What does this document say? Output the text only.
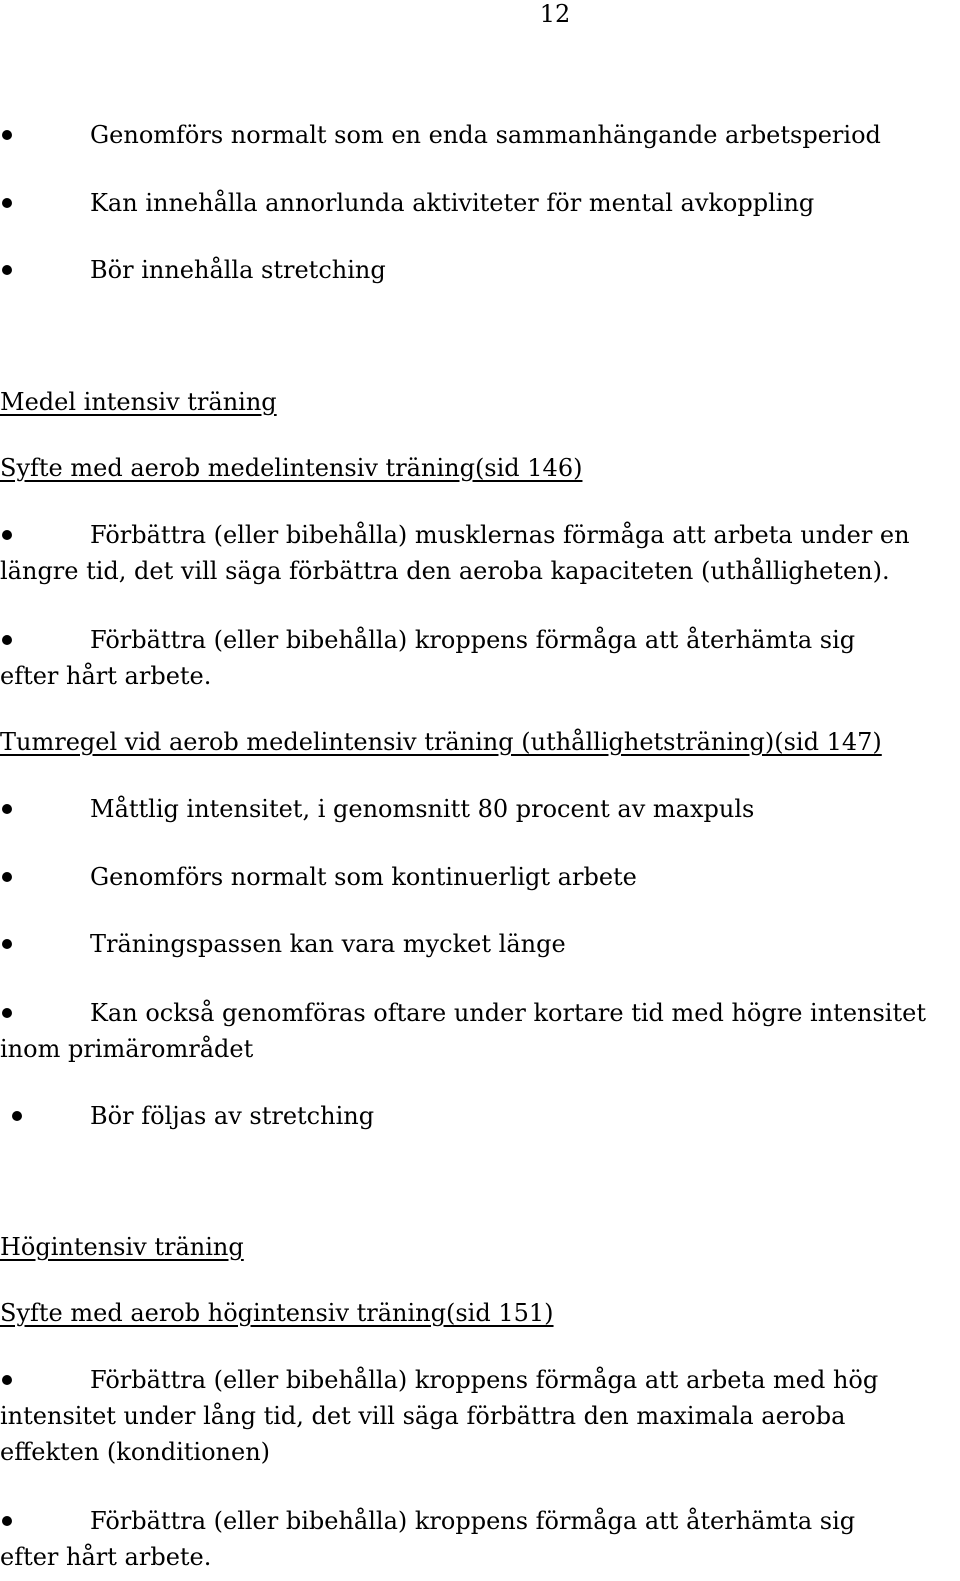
12
Genomförs normalt som en enda sammanhängande arbetsperiod
Kan innehålla annorlunda aktiviteter för mental avkoppling
Bör innehålla stretching
Medel intensiv träning
Syfte med aerob medelintensiv träning(sid 146)
Förbättra (eller bibehålla) musklernas förmåga att arbeta under en
längre tid, det vill säga förbättra den aeroba kapaciteten (uthålligheten).
Förbättra (eller bibehålla) kroppens förmåga att återhämta sig
efter hårt arbete.
Tumregel vid aerob medelintensiv träning (uthållighetsträning)(sid 147)
Måttlig intensitet, i genomsnitt 80 procent av maxpuls
Genomförs normalt som kontinuerligt arbete
Träningspassen kan vara mycket länge
Kan också genomföras oftare under kortare tid med högre intensitet
inom primärområdet
Bör följas av stretching
Högintensiv träning
Syfte med aerob högintensiv träning(sid 151)
Förbättra (eller bibehålla) kroppens förmåga att arbeta med hög
intensitet under lång tid, det vill säga förbättra den maximala aeroba
effekten (konditionen)
Förbättra (eller bibehålla) kroppens förmåga att återhämta sig
efter hårt arbete.
